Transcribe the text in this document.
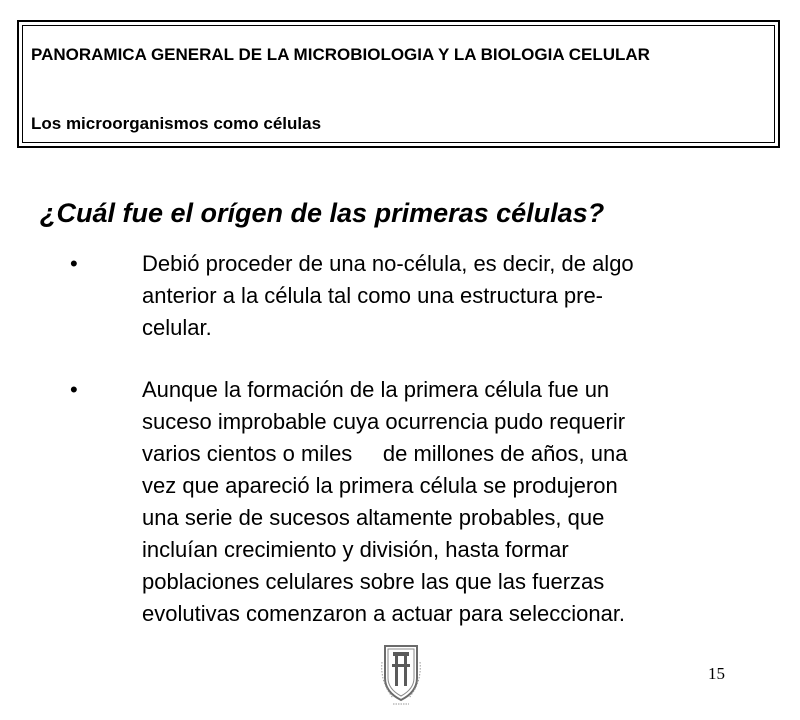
PANORAMICA GENERAL DE LA MICROBIOLOGIA Y LA BIOLOGIA CELULAR

Los microorganismos como células

¿Cuál fue el orígen de las primeras células?
•	Debió proceder de una no-célula, es decir, de algo
anterior a la célula tal como una estructura pre-
celular.

•	Aunque la formación de la primera célula fue un
suceso improbable cuya ocurrencia pudo requerir
varios cientos o miles     de millones de años, una
vez que apareció la primera célula se produjeron
una serie de sucesos altamente probables, que
incluían crecimiento y división, hasta formar
poblaciones celulares sobre las que las fuerzas
evolutivas comenzaron a actuar para seleccionar.

15
